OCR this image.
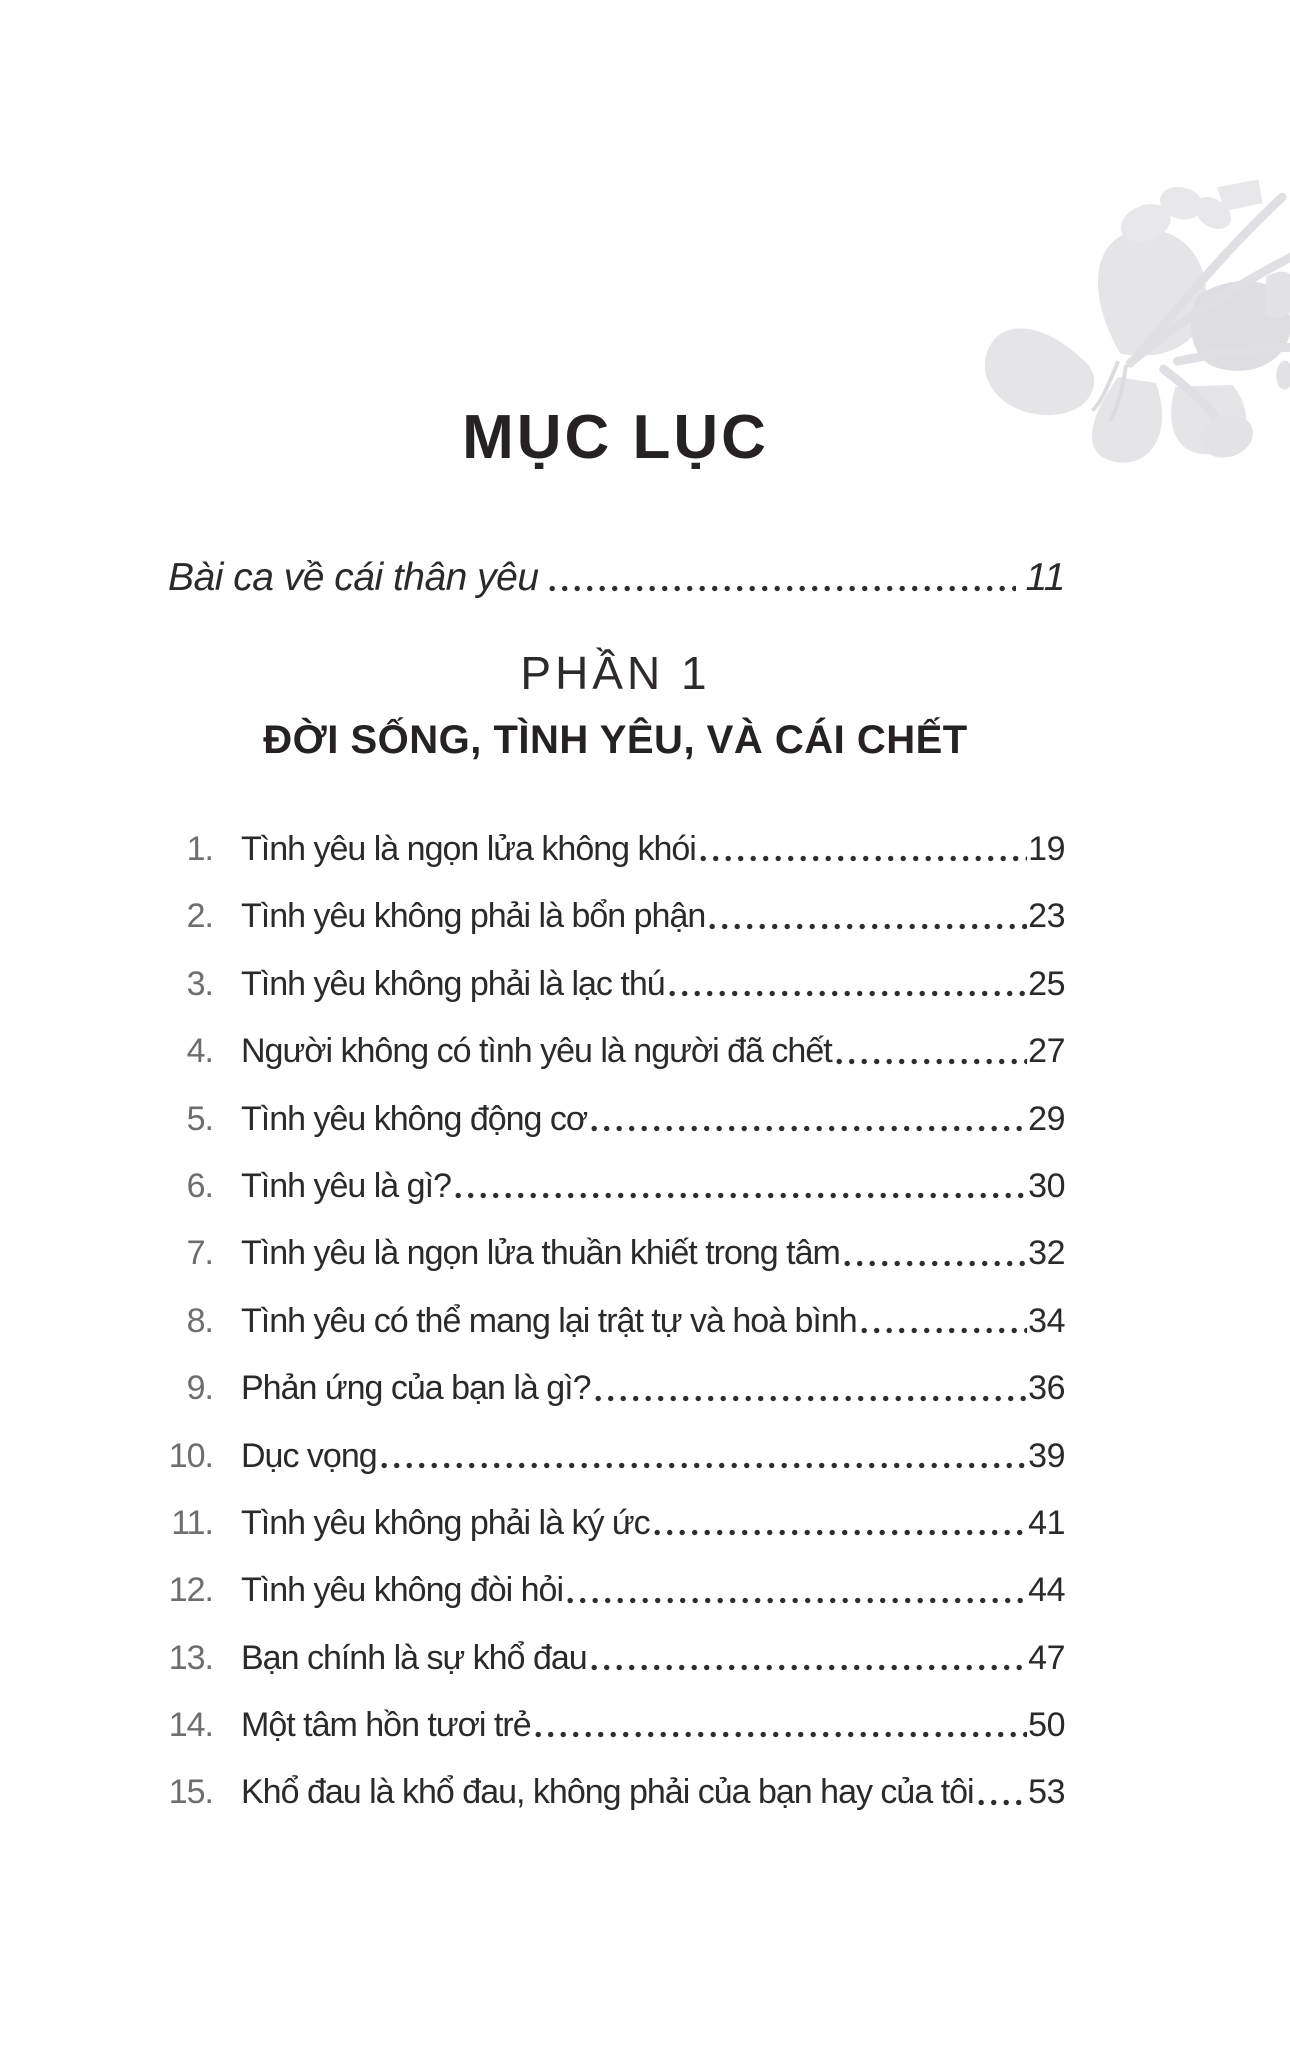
MỤC LỤC
Bài ca về cái thân yêu	11
PHẦN 1
ĐỜI SỐNG, TÌNH YÊU, VÀ CÁI CHẾT
1. Tình yêu là ngọn lửa không khói	19
2. Tình yêu không phải là bổn phận	23
3. Tình yêu không phải là lạc thú	25
4. Người không có tình yêu là người đã chết	27
5. Tình yêu không động cơ	29
6. Tình yêu là gì?	30
7. Tình yêu là ngọn lửa thuần khiết trong tâm	32
8. Tình yêu có thể mang lại trật tự và hoà bình	34
9. Phản ứng của bạn là gì?	36
10. Dục vọng	39
11. Tình yêu không phải là ký ức	41
12. Tình yêu không đòi hỏi	44
13. Bạn chính là sự khổ đau	47
14. Một tâm hồn tươi trẻ	50
15. Khổ đau là khổ đau, không phải của bạn hay của tôi 53
